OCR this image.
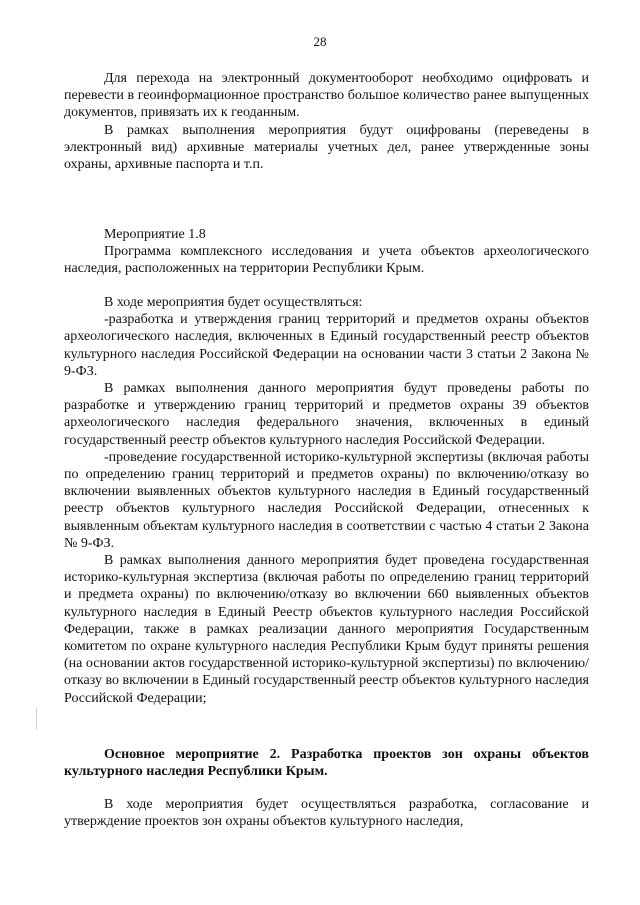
28

Для перехода на электронный документооборот необходимо оцифровать и перевести в геоинформационное пространство большое количество ранее выпущенных документов, привязать их к геоданным.

В рамках выполнения мероприятия будут оцифрованы (переведены в электронный вид) архивные материалы учетных дел, ранее утвержденные зоны охраны, архивные паспорта и т.п.

Мероприятие 1.8

Программа комплексного исследования и учета объектов археологического наследия, расположенных на территории Республики Крым.

В ходе мероприятия будет осуществляться:

-разработка и утверждения границ территорий и предметов охраны объектов археологического наследия, включенных в Единый государственный реестр объектов культурного наследия Российской Федерации на основании части 3 статьи 2 Закона № 9-ФЗ.

В рамках выполнения данного мероприятия будут проведены работы по разработке и утверждению границ территорий и предметов охраны 39 объектов археологического наследия федерального значения, включенных в единый государственный реестр объектов культурного наследия Российской Федерации.

-проведение государственной историко-культурной экспертизы (включая работы по определению границ территорий и предметов охраны) по включению/отказу во включении выявленных объектов культурного наследия в Единый государственный реестр объектов культурного наследия Российской Федерации, отнесенных к выявленным объектам культурного наследия в соответствии с частью 4 статьи 2 Закона № 9-ФЗ.

В рамках выполнения данного мероприятия будет проведена государственная историко-культурная экспертиза (включая работы по определению границ территорий и предмета охраны) по включению/отказу во включении 660 выявленных объектов культурного наследия в Единый Реестр объектов культурного наследия Российской Федерации, также в рамках реализации данного мероприятия Государственным комитетом по охране культурного наследия Республики Крым будут приняты решения (на основании актов государственной историко-культурной экспертизы) по включению/отказу во включении в Единый государственный реестр объектов культурного наследия Российской Федерации;

Основное мероприятие 2. Разработка проектов зон охраны объектов культурного наследия Республики Крым.

В ходе мероприятия будет осуществляться разработка, согласование и утверждение проектов зон охраны объектов культурного наследия,
